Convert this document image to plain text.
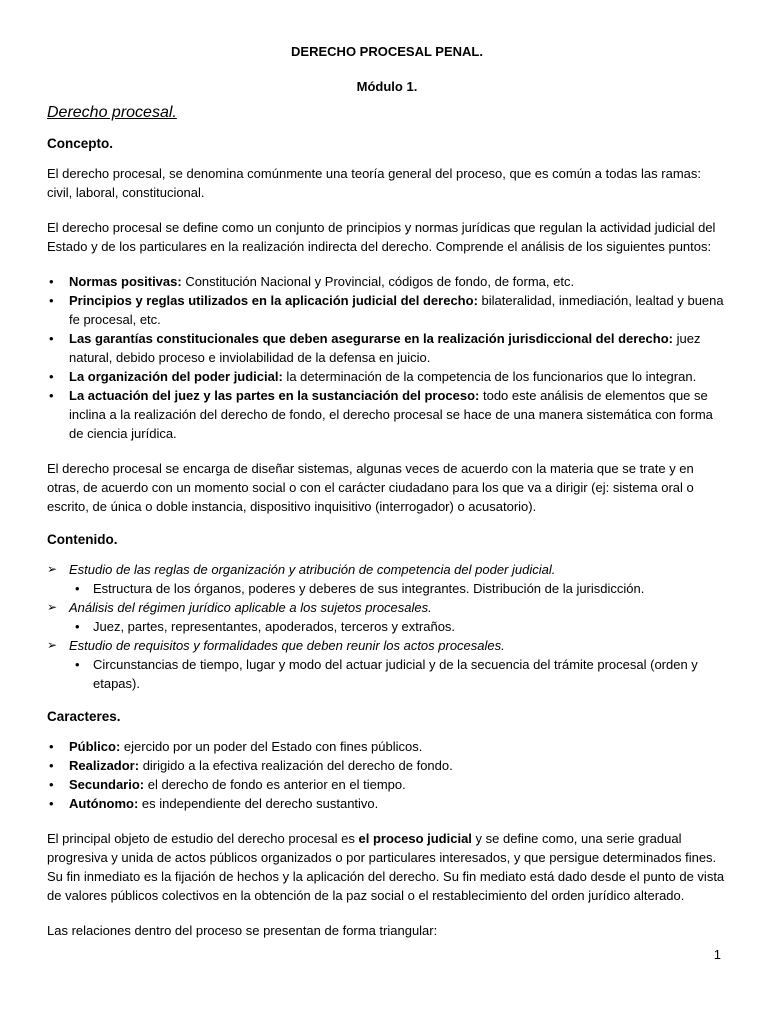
DERECHO PROCESAL PENAL.
Módulo 1.
Derecho procesal.
Concepto.

El derecho procesal, se denomina comúnmente una teoría general del proceso, que es común a todas las ramas: civil, laboral, constitucional.

El derecho procesal se define como un conjunto de principios y normas jurídicas que regulan la actividad judicial del Estado y de los particulares en la realización indirecta del derecho. Comprende el análisis de los siguientes puntos:

• Normas positivas: Constitución Nacional y Provincial, códigos de fondo, de forma, etc.
• Principios y reglas utilizados en la aplicación judicial del derecho: bilateralidad, inmediación, lealtad y buena fe procesal, etc.
• Las garantías constitucionales que deben asegurarse en la realización jurisdiccional del derecho: juez natural, debido proceso e inviolabilidad de la defensa en juicio.
• La organización del poder judicial: la determinación de la competencia de los funcionarios que lo integran.
• La actuación del juez y las partes en la sustanciación del proceso: todo este análisis de elementos que se inclina a la realización del derecho de fondo, el derecho procesal se hace de una manera sistemática con forma de ciencia jurídica.

El derecho procesal se encarga de diseñar sistemas, algunas veces de acuerdo con la materia que se trate y en otras, de acuerdo con un momento social o con el carácter ciudadano para los que va a dirigir (ej: sistema oral o escrito, de única o doble instancia, dispositivo inquisitivo (interrogador) o acusatorio).

Contenido.
➢ Estudio de las reglas de organización y atribución de competencia del poder judicial.
• Estructura de los órganos, poderes y deberes de sus integrantes. Distribución de la jurisdicción.
➢ Análisis del régimen jurídico aplicable a los sujetos procesales.
• Juez, partes, representantes, apoderados, terceros y extraños.
➢ Estudio de requisitos y formalidades que deben reunir los actos procesales.
• Circunstancias de tiempo, lugar y modo del actuar judicial y de la secuencia del trámite procesal (orden y etapas).
Caracteres.
• Público: ejercido por un poder del Estado con fines públicos.
• Realizador: dirigido a la efectiva realización del derecho de fondo.
• Secundario: el derecho de fondo es anterior en el tiempo.
• Autónomo: es independiente del derecho sustantivo.

El principal objeto de estudio del derecho procesal es el proceso judicial y se define como, una serie gradual progresiva y unida de actos públicos organizados o por particulares interesados, y que persigue determinados fines. Su fin inmediato es la fijación de hechos y la aplicación del derecho. Su fin mediato está dado desde el punto de vista de valores públicos colectivos en la obtención de la paz social o el restablecimiento del orden jurídico alterado.

Las relaciones dentro del proceso se presentan de forma triangular:

1
